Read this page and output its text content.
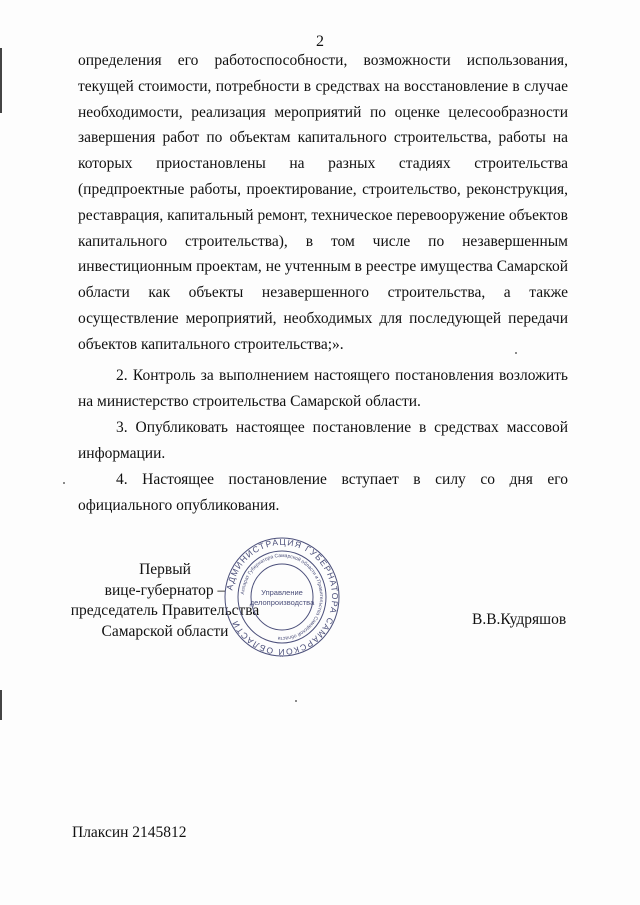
2

определения его работоспособности, возможности использования, текущей стоимости, потребности в средствах на восстановление в случае необходимости, реализация мероприятий по оценке целесообразности завершения работ по объектам капитального строительства, работы на которых приостановлены на разных стадиях строительства (предпроектные работы, проектирование, строительство, реконструкция, реставрация, капитальный ремонт, техническое перевооружение объектов капитального строительства), в том числе по незавершенным инвестиционным проектам, не учтенным в реестре имущества Самарской области как объекты незавершенного строительства, а также осуществление мероприятий, необходимых для последующей передачи объектов капитального строительства;».

2. Контроль за выполнением настоящего постановления возложить на министерство строительства Самарской области.

3. Опубликовать настоящее постановление в средствах массовой информации.

4. Настоящее постановление вступает в силу со дня его официального опубликования.

Первый
вице-губернатор –
председатель Правительства
Самарской области
В.В.Кудряшов
АДМИНИСТРАЦИЯ ГУБЕРНАТОРА САМАРСКОЙ ОБЛАСТИ
Аппарат Губернатора Самарской области и Правительства Самарской области
Управление
делопроизводства
Плаксин 2145812
